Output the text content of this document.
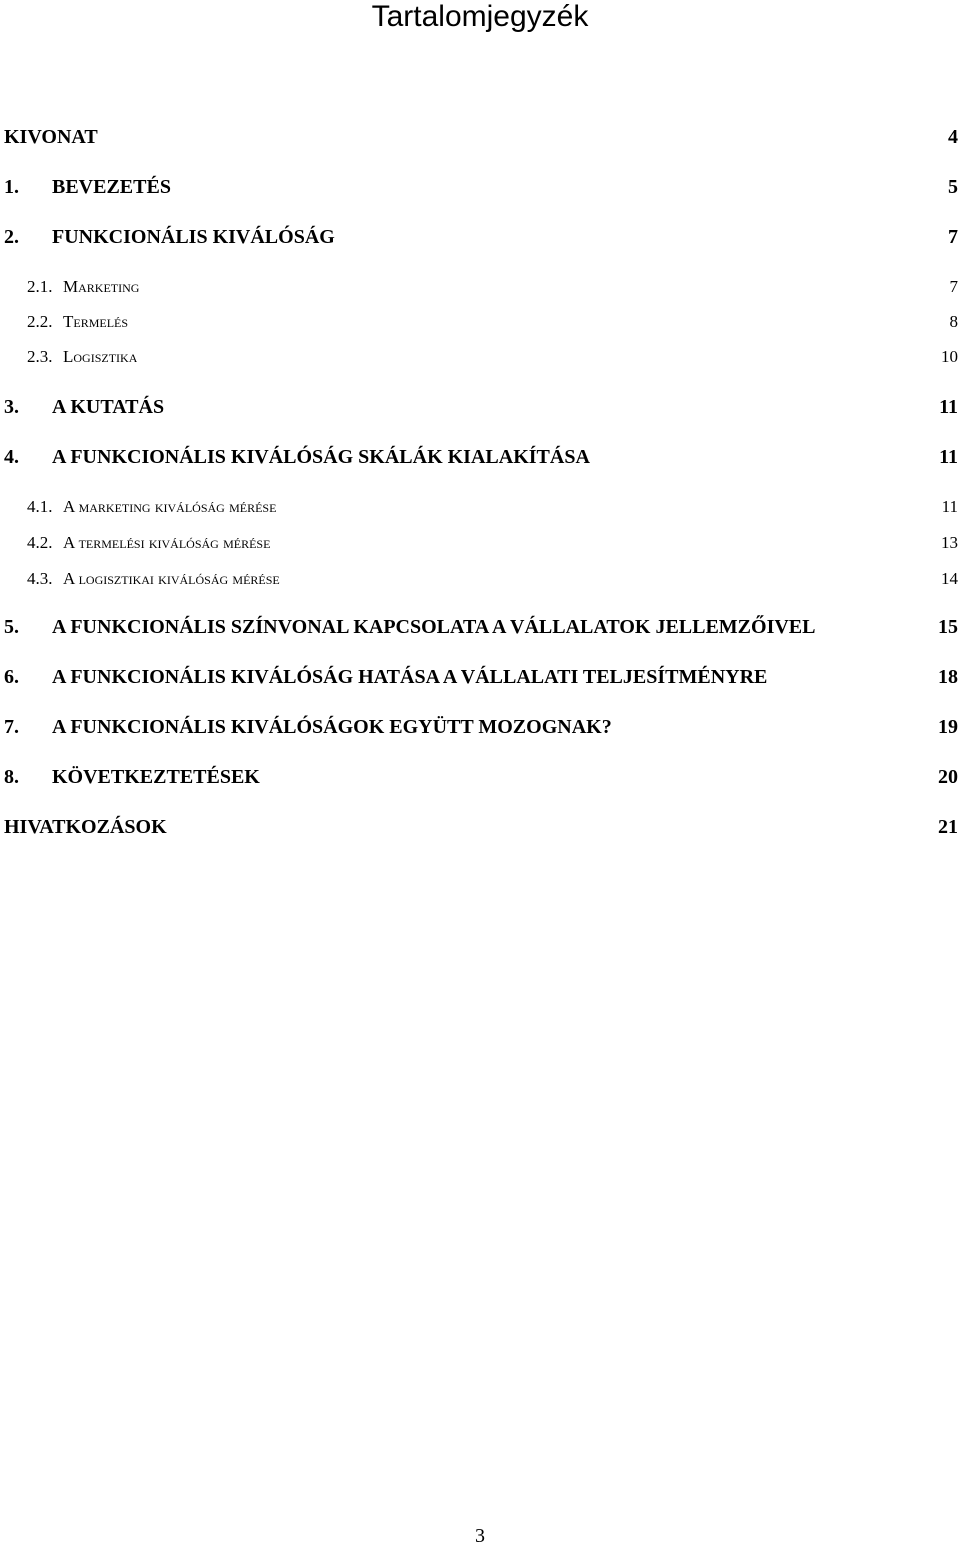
Tartalomjegyzék
KIVONAT	4
1.	BEVEZETÉS	5
2.	FUNKCIONÁLIS KIVÁLÓSÁG	7
2.1. Marketing	7
2.2. Termelés	8
2.3. Logisztika	10
3.	A KUTATÁS	11
4.	A FUNKCIONÁLIS KIVÁLÓSÁG SKÁLÁK KIALAKÍTÁSA	11
4.1. A marketing kiválóság mérése	11
4.2. A termelési kiválóság mérése	13
4.3. A logisztikai kiválóság mérése	14
5.	A FUNKCIONÁLIS SZÍNVONAL KAPCSOLATA A VÁLLALATOK JELLEMZŐIVEL	15
6.	A FUNKCIONÁLIS KIVÁLÓSÁG HATÁSA A VÁLLALATI TELJESÍTMÉNYRE	18
7.	A FUNKCIONÁLIS KIVÁLÓSÁGOK EGYÜTT MOZOGNAK?	19
8.	KÖVETKEZTETÉSEK	20
HIVATKOZÁSOK	21
3
